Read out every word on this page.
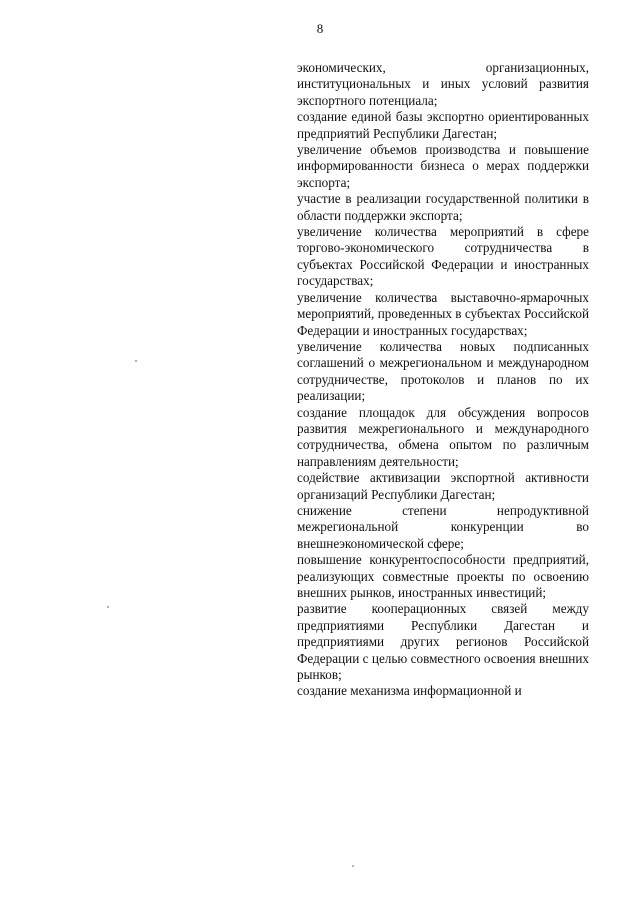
8
экономических, организационных, институциональных и иных условий развития экспортного потенциала;
создание единой базы экспортно ориентированных предприятий Республики Дагестан;
увеличение объемов производства и повышение информированности бизнеса о мерах поддержки экспорта;
участие в реализации государственной политики в области поддержки экспорта;
увеличение количества мероприятий в сфере торгово-экономического сотрудничества в субъектах Российской Федерации и иностранных государствах;
увеличение количества выставочно-ярмарочных мероприятий, проведенных в субъектах Российской Федерации и иностранных государствах;
увеличение количества новых подписанных соглашений о межрегиональном и международном сотрудничестве, протоколов и планов по их реализации;
создание площадок для обсуждения вопросов развития межрегионального и международного сотрудничества, обмена опытом по различным направлениям деятельности;
содействие активизации экспортной активности организаций Республики Дагестан;
снижение степени непродуктивной межрегиональной конкуренции во внешнеэкономической сфере;
повышение конкурентоспособности предприятий, реализующих совместные проекты по освоению внешних рынков, иностранных инвестиций;
развитие кооперационных связей между предприятиями Республики Дагестан и предприятиями других регионов Российской Федерации с целью совместного освоения внешних рынков;
создание механизма информационной и
